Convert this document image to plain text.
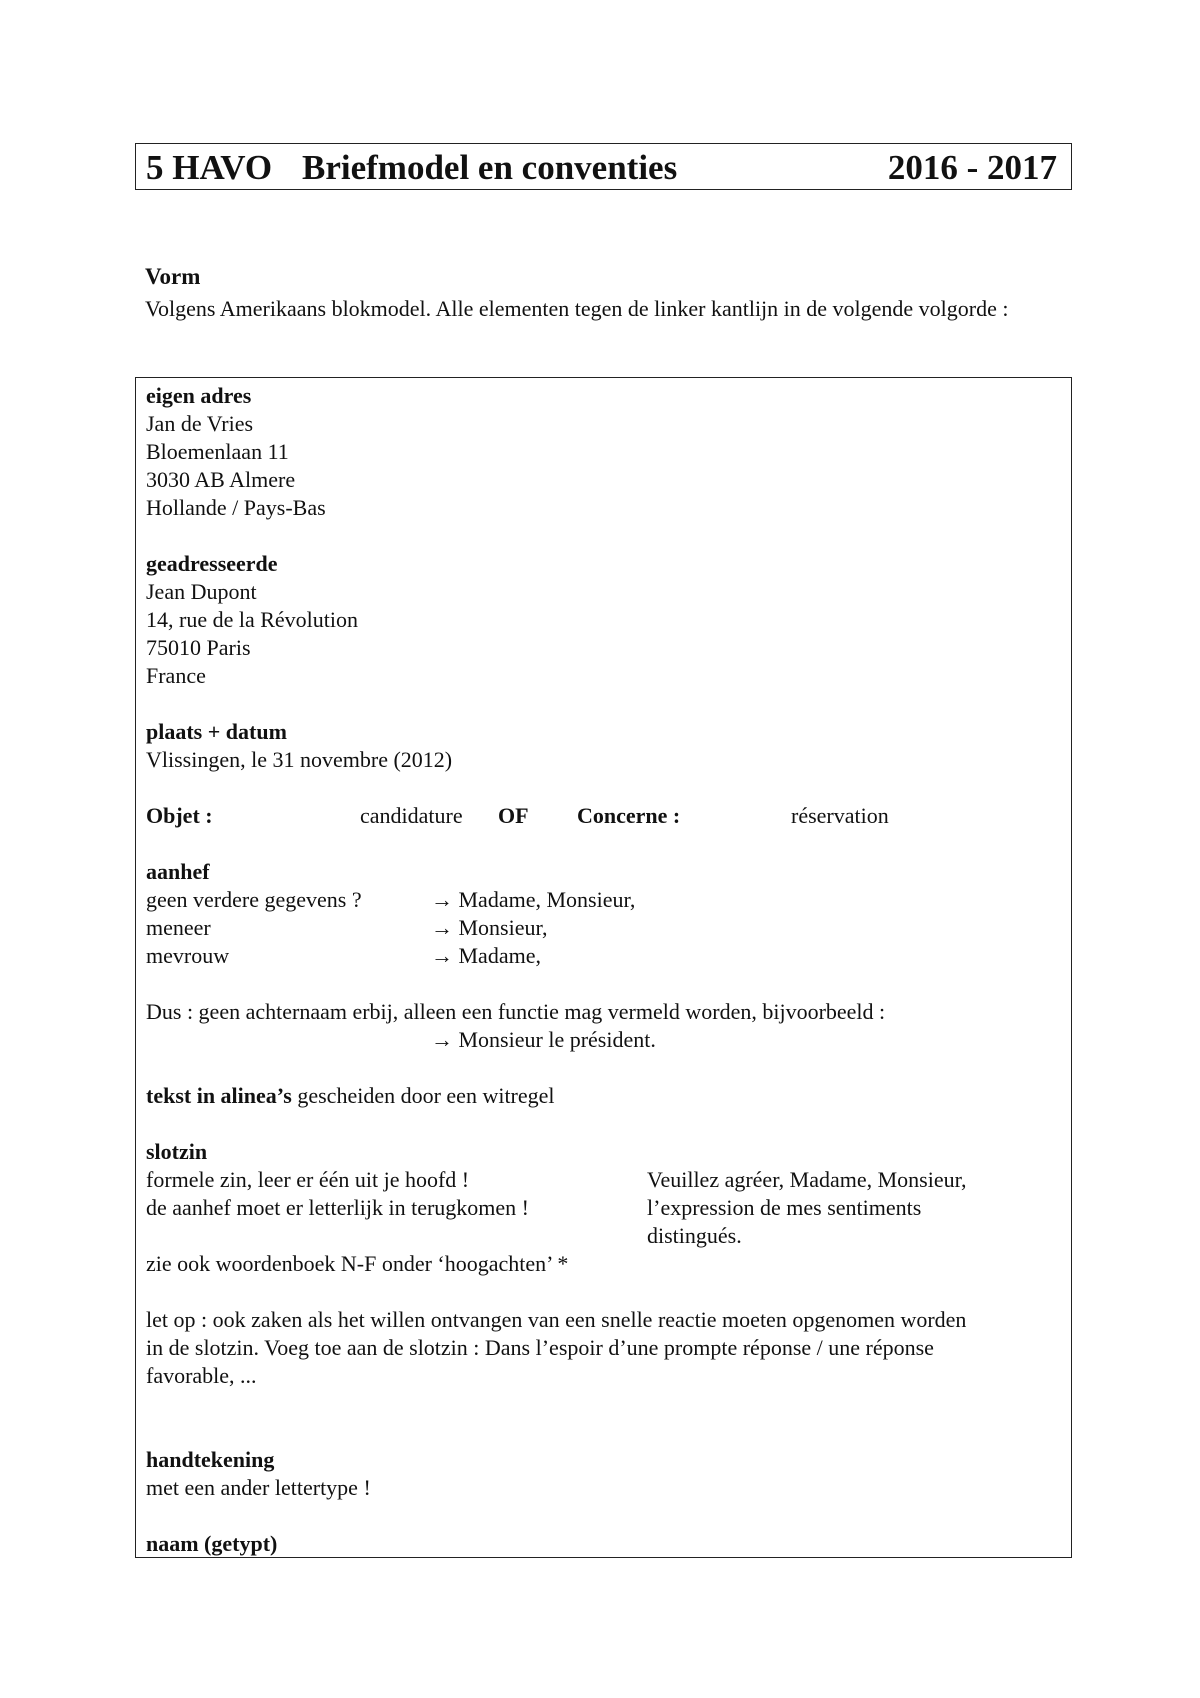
5 HAVO Briefmodel en conventies	2016 - 2017
Vorm
Volgens Amerikaans blokmodel. Alle elementen tegen de linker kantlijn in de volgende volgorde :
eigen adres
Jan de Vries
Bloemenlaan 11
3030 AB Almere
Hollande / Pays-Bas
geadresseerde
Jean Dupont
14, rue de la Révolution
75010 Paris
France
plaats + datum
Vlissingen, le 31 novembre (2012)
Objet :	candidature OF Concerne :	réservation
aanhef
geen verdere gegevens ?	→ Madame, Monsieur,
meneer	→ Monsieur,
mevrouw	→ Madame,
Dus : geen achternaam erbij, alleen een functie mag vermeld worden, bijvoorbeeld :
→ Monsieur le président.
tekst in alinea’s gescheiden door een witregel
slotzin
formele zin, leer er één uit je hoofd !	Veuillez agréer, Madame, Monsieur,
de aanhef moet er letterlijk in terugkomen !	l’expression de mes sentiments
distingués.
zie ook woordenboek N-F onder ‘hoogachten’ *
let op : ook zaken als het willen ontvangen van een snelle reactie moeten opgenomen worden
in de slotzin. Voeg toe aan de slotzin : Dans l’espoir d’une prompte réponse / une réponse
favorable, ...
handtekening
met een ander lettertype !
naam (getypt)
